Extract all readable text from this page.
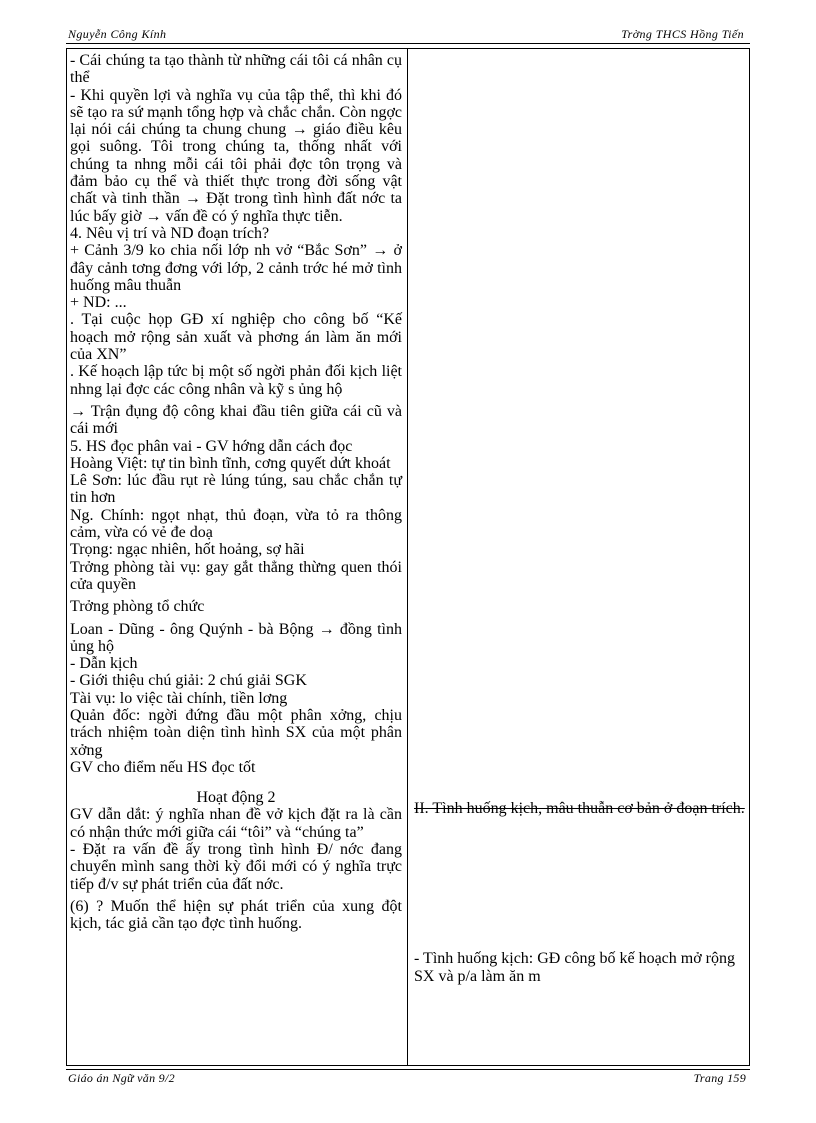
Nguyễn Công Kính	Trờng THCS Hồng Tiến

- Cái chúng ta tạo thành từ những cái tôi cá nhân cụ thể

- Khi quyền lợi và nghĩa vụ của tập thể, thì khi đó sẽ tạo ra sứ mạnh tổng hợp và chắc chắn. Còn ngợc lại nói cái chúng ta chung chung → giáo điều kêu gọi suông. Tôi trong chúng ta, thống nhất với chúng ta nhng mỗi cái tôi phải đợc tôn trọng và đảm bảo cụ thể và thiết thực trong đời sống vật chất và tinh thần → Đặt trong tình hình đất nớc ta lúc bấy giờ → vấn đề có ý nghĩa thực tiễn.

4. Nêu vị trí và ND đoạn trích?

+ Cảnh 3/9 ko chia nối lớp nh vở “Bắc Sơn” → ở đây cảnh tơng đơng với lớp, 2 cảnh trớc hé mở tình huống mâu thuẫn

+ ND: ...

. Tại cuộc họp GĐ xí nghiệp cho công bố “Kế hoạch mở rộng sản xuất và phơng án làm ăn mới của XN”

. Kế hoạch lập tức bị một số ngời phản đối kịch liệt nhng lại đợc các công nhân và kỹ s ủng hộ

→ Trận đụng độ công khai đầu tiên giữa cái cũ và cái mới

5. HS đọc phân vai - GV hớng dẫn cách đọc

Hoàng Việt: tự tin bình tĩnh, cơng quyết dứt khoát

Lê Sơn: lúc đầu rụt rè lúng túng, sau chắc chắn tự tin hơn

Ng. Chính: ngọt nhạt, thủ đoạn, vừa tỏ ra thông cảm, vừa có vẻ đe doạ

Trọng: ngạc nhiên, hốt hoảng, sợ hãi

Trởng phòng tài vụ: gay gắt thẳng thừng quen thói cửa quyền

Trởng phòng tổ chức

Loan - Dũng - ông Quýnh - bà Bộng → đồng tình ủng hộ

- Dẫn kịch

- Giới thiệu chú giải: 2 chú giải SGK

Tài vụ: lo việc tài chính, tiền lơng

Quản đốc: ngời đứng đầu một phân xởng, chịu trách nhiệm toàn diện tình hình SX của một phân xởng

GV cho điểm nếu HS đọc tốt

Hoạt động 2

GV dẫn dắt: ý nghĩa nhan đề vở kịch đặt ra là cần có nhận thức mới giữa cái “tôi” và “chúng ta”

- Đặt ra vấn đề ấy trong tình hình Đ/ nớc đang chuyển mình sang thời kỳ đổi mới có ý nghĩa trực tiếp đ/v sự phát triển của đất nớc.

(6) ? Muốn thể hiện sự phát triển của xung đột kịch, tác giả cần tạo đợc tình huống.

II. Tình huống kịch, mâu thuẫn cơ bản ở đoạn trích.
- Tình huống kịch: GĐ công bố kế hoạch mở rộng SX và p/a làm ăn m
Giáo án Ngữ văn 9/2	Trang 159
